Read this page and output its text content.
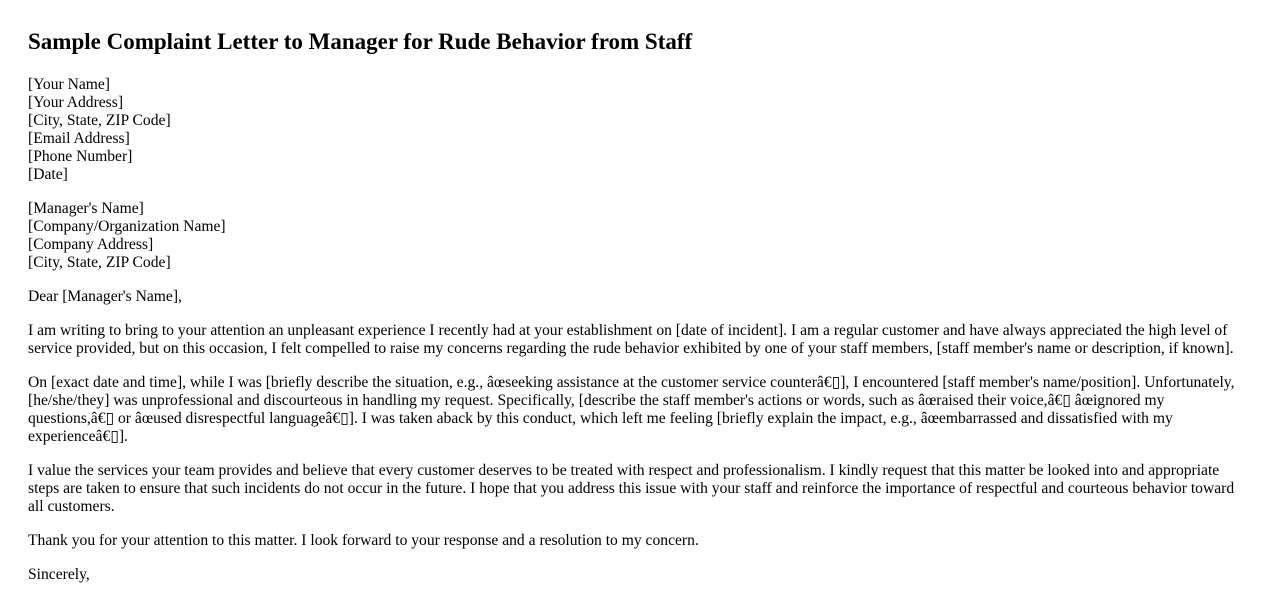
Sample Complaint Letter to Manager for Rude Behavior from Staff
[Your Name]
[Your Address]
[City, State, ZIP Code]
[Email Address]
[Phone Number]
[Date]
[Manager's Name]
[Company/Organization Name]
[Company Address]
[City, State, ZIP Code]

Dear [Manager's Name],

I am writing to bring to your attention an unpleasant experience I recently had at your establishment on [date of incident]. I am a regular customer and have always appreciated the high level of service provided, but on this occasion, I felt compelled to raise my concerns regarding the rude behavior exhibited by one of your staff members, [staff member's name or description, if known].

On [exact date and time], while I was [briefly describe the situation, e.g., âœseeking assistance at the customer service counterâ€▯], I encountered [staff member's name/position]. Unfortunately, [he/she/they] was unprofessional and discourteous in handling my request. Specifically, [describe the staff member's actions or words, such as âœraised their voice,â€▯ âœignored my questions,â€▯ or âœused disrespectful languageâ€▯]. I was taken aback by this conduct, which left me feeling [briefly explain the impact, e.g., âœembarrassed and dissatisfied with my experienceâ€▯].

I value the services your team provides and believe that every customer deserves to be treated with respect and professionalism. I kindly request that this matter be looked into and appropriate steps are taken to ensure that such incidents do not occur in the future. I hope that you address this issue with your staff and reinforce the importance of respectful and courteous behavior toward all customers.

Thank you for your attention to this matter. I look forward to your response and a resolution to my concern.

Sincerely,
